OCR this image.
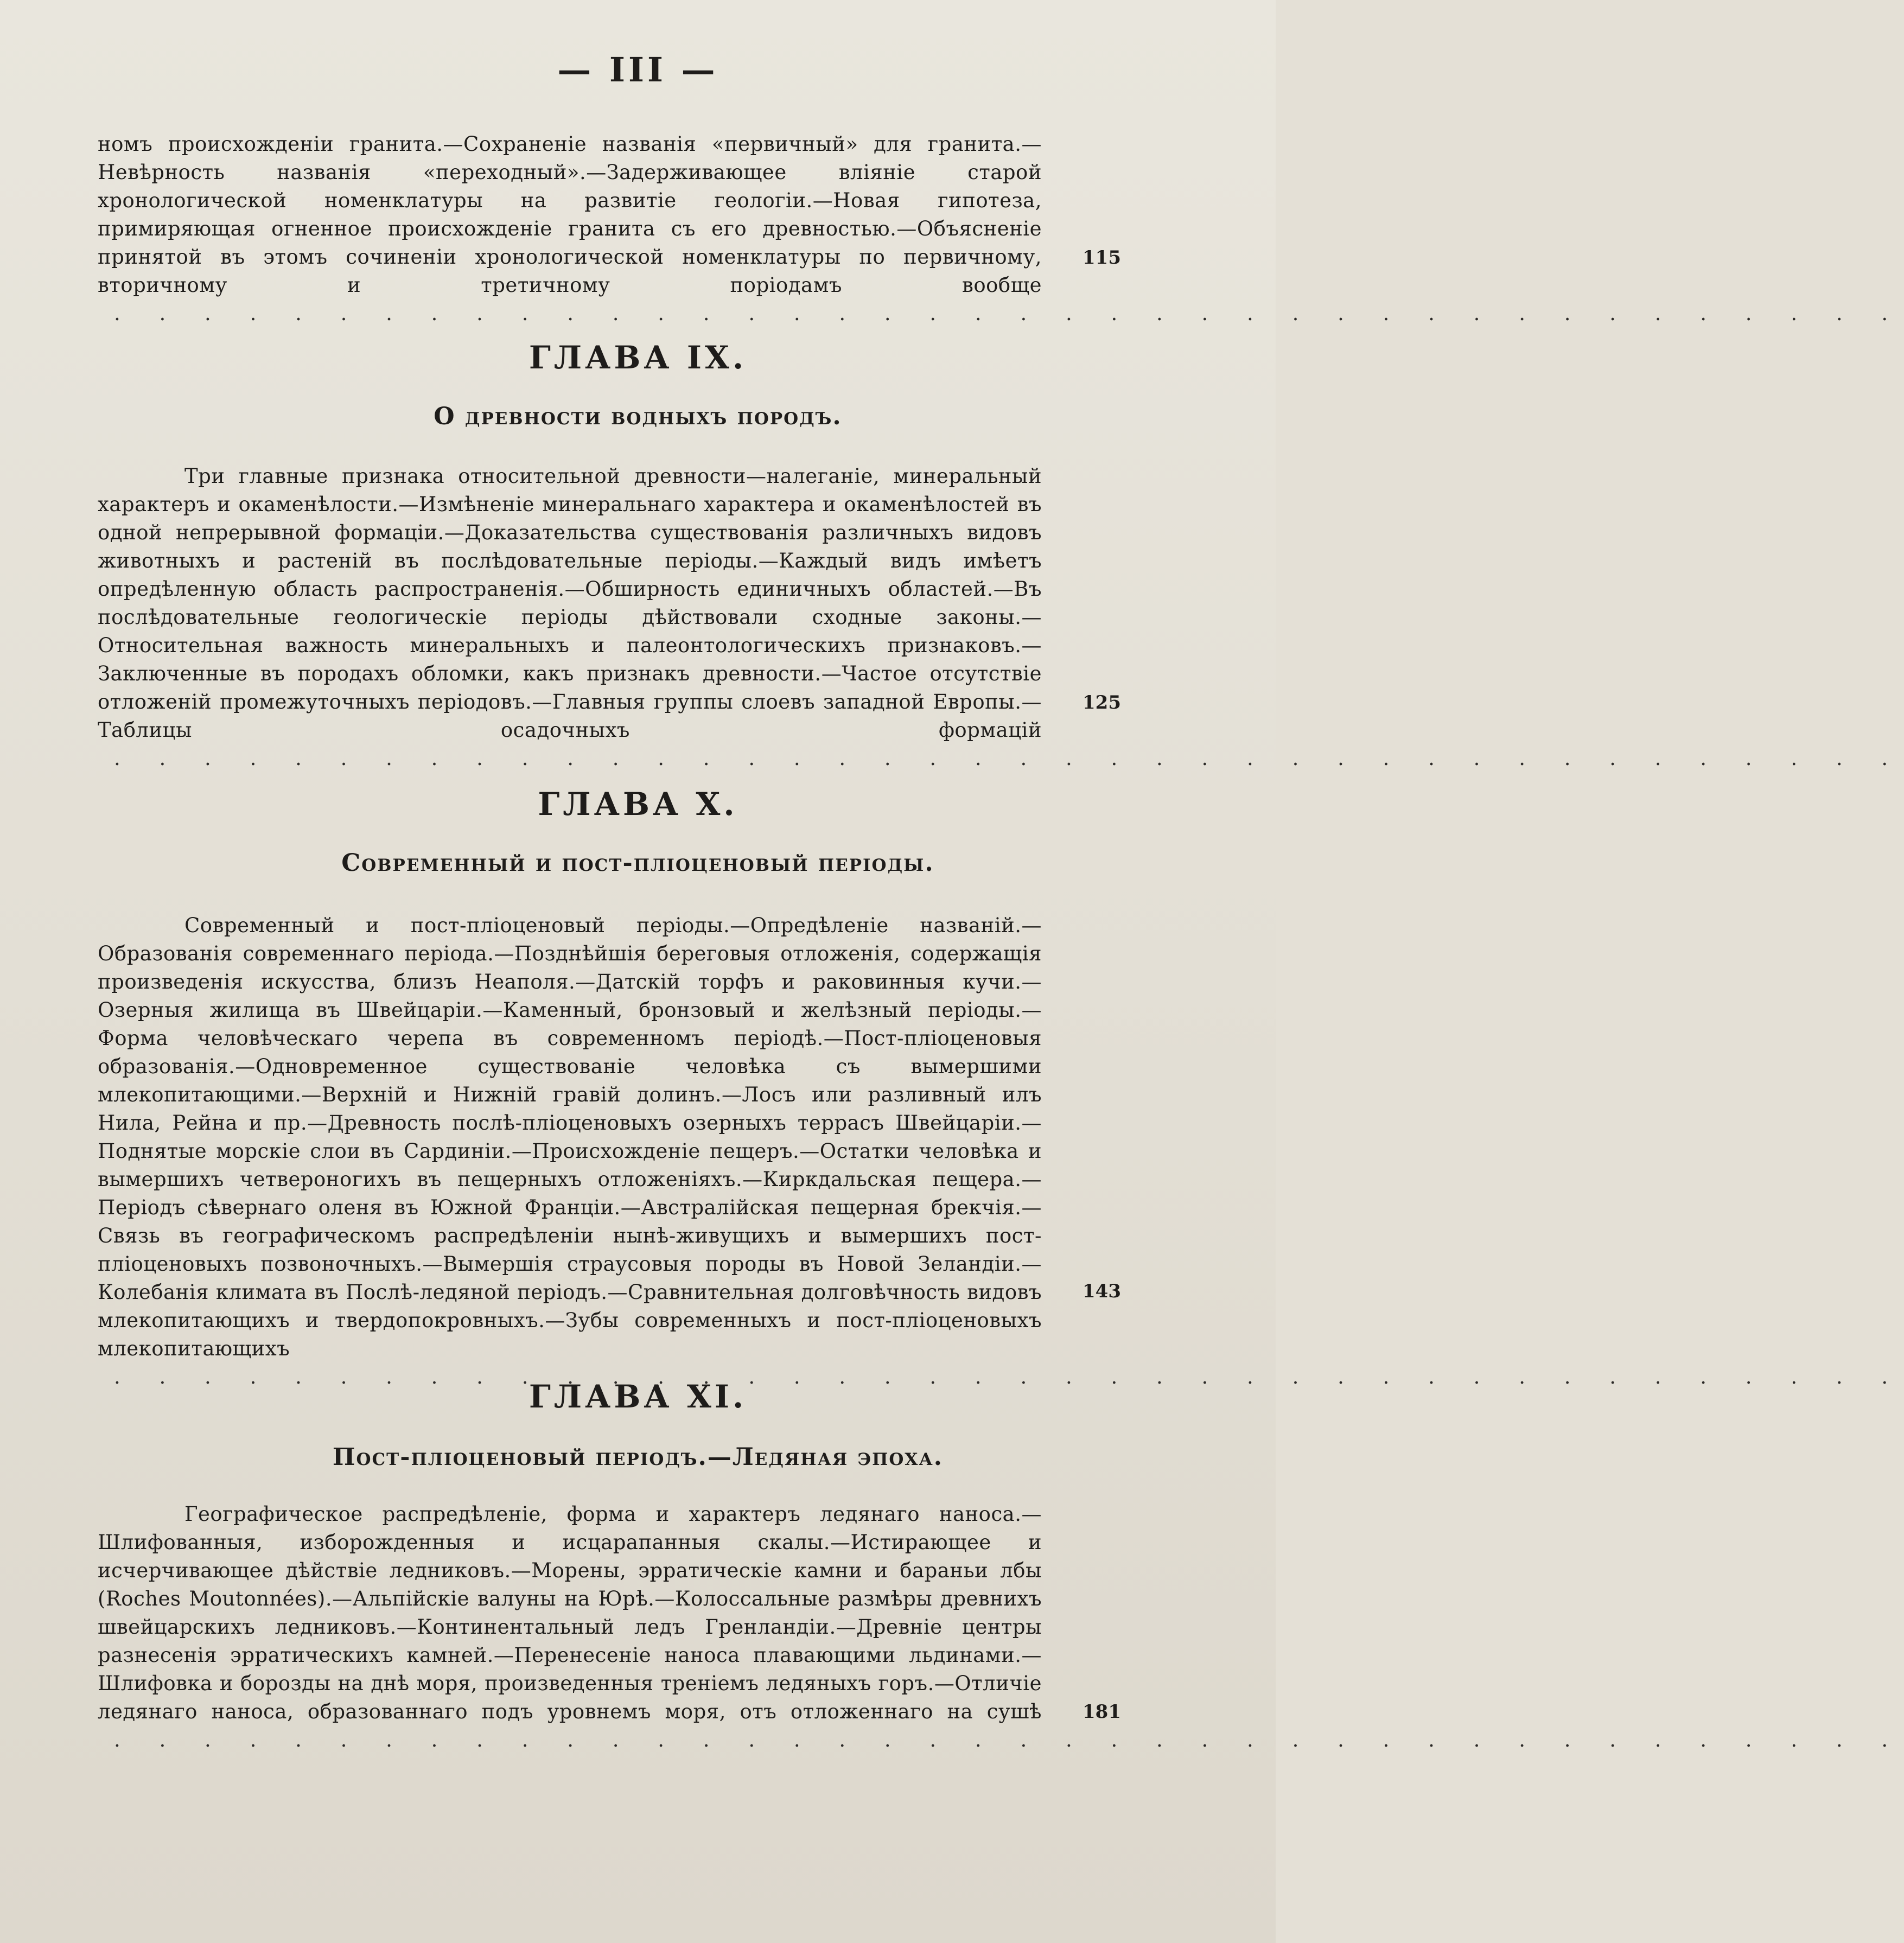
— III —

номъ происхожденіи гранита.—Сохраненіе названія «первичный» для гранита.—Невѣрность названія «переходный».—Задерживающее вліяніе старой хронологической номенклатуры на развитіе геологіи.—Новая гипотеза, примиряющая огненное происхожденіе гранита съ его древностью.—Объясненіе принятой въ этомъ сочиненіи хронологической номенклатуры по первичному, вторичному и третичному поріодамъ вообще . . . . . . . . . . . . . . . . . . . . . . . . . . . . . . . . . . . . . . . .

115
ГЛАВА IX.
О древности водныхъ породъ.

Три главные признака относительной древности—налеганіе, минеральный характеръ и окаменѣлости.—Измѣненіе минеральнаго характера и окаменѣлостей въ одной непрерывной формаціи.—Доказательства существованія различныхъ видовъ животныхъ и растеній въ послѣдовательные періоды.—Каждый видъ имѣетъ опредѣленную область распространенія.—Обширность единичныхъ областей.—Въ послѣдовательные геологическіе періоды дѣйствовали сходные законы.—Относительная важность минеральныхъ и палеонтологическихъ признаковъ.—Заключенные въ породахъ обломки, какъ признакъ древности.—Частое отсутствіе отложеній промежуточныхъ періодовъ.—Главныя группы слоевъ западной Европы.—Таблицы осадочныхъ формацій . . . . . . . . . . . . . . . . . . . . . . . . . . . . . . . . . . . . . . . .

125
ГЛАВА X.
Современный и пост-пліоценовый періоды.

Современный и пост-пліоценовый періоды.—Опредѣленіе названій.—Образованія современнаго періода.—Позднѣйшія береговыя отложенія, содержащія произведенія искусства, близъ Неаполя.—Датскій торфъ и раковинныя кучи.—Озерныя жилища въ Швейцаріи.—Каменный, бронзовый и желѣзный періоды.—Форма человѣческаго черепа въ современномъ періодѣ.—Пост-пліоценовыя образованія.—Одновременное существованіе человѣка съ вымершими млекопитающими.—Верхній и Нижній гравій долинъ.—Лосъ или разливный илъ Нила, Рейна и пр.—Древность послѣ-пліоценовыхъ озерныхъ террасъ Швейцаріи.—Поднятые морскіе слои въ Сардиніи.—Происхожденіе пещеръ.—Остатки человѣка и вымершихъ четвероногихъ въ пещерныхъ отложеніяхъ.—Киркдальская пещера.—Періодъ сѣвернаго оленя въ Южной Франціи.—Австралійская пещерная брекчія.—Связь въ географическомъ распредѣленіи нынѣ-живущихъ и вымершихъ пост-пліоценовыхъ позвоночныхъ.—Вымершія страусовыя породы въ Новой Зеландіи.—Колебанія климата въ Послѣ-ледяной періодъ.—Сравнительная долговѣчность видовъ млекопитающихъ и твердопокровныхъ.—Зубы современныхъ и пост-пліоценовыхъ млекопитающихъ . . . . . . . . . . . . . . . . . . . . . . . . . . . . . . . . . . . . . . . .

143
ГЛАВА XI.
Пост-пліоценовый періодъ.—Ледяная эпоха.

Географическое распредѣленіе, форма и характеръ ледянаго наноса.—Шлифованныя, изборожденныя и исцарапанныя скалы.—Истирающее и исчерчивающее дѣйствіе ледниковъ.—Морены, эрратическіе камни и бараньи лбы (Roches Moutonnées).—Альпійскіе валуны на Юрѣ.—Колоссальные размѣры древнихъ швейцарскихъ ледниковъ.—Континентальный ледъ Гренландіи.—Древніе центры разнесенія эрратическихъ камней.—Перенесеніе наноса плавающими льдинами.—Шлифовка и борозды на днѣ моря, произведенныя треніемъ ледяныхъ горъ.—Отличіе ледянаго наноса, образованнаго подъ уровнемъ моря, отъ отложеннаго на сушѣ . . . . . . . . . . . . . . . . . . . . . . . . . . . . . . . . . . . . . . . .

181
